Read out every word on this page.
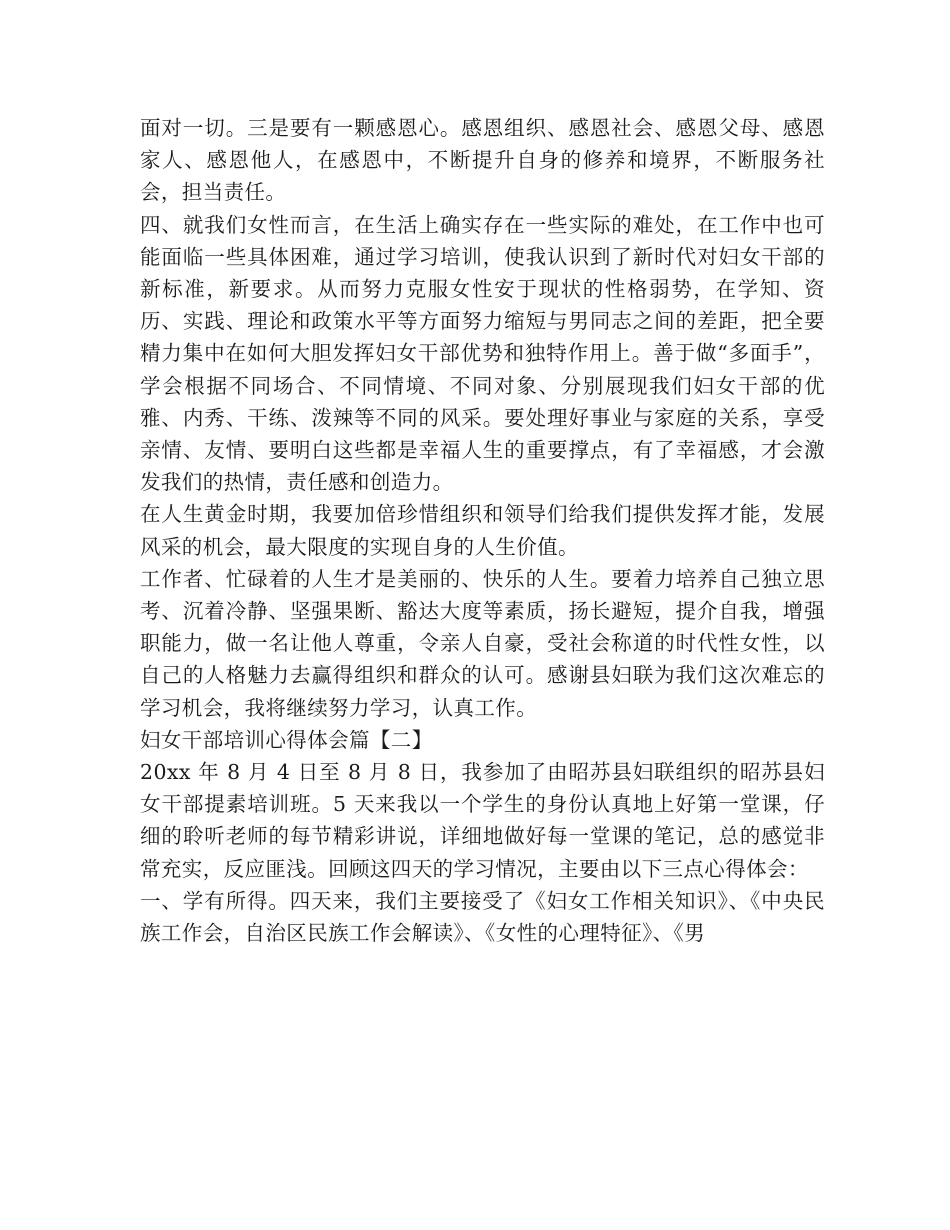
面对一切。三是要有一颗感恩心。感恩组织、感恩社会、感恩父母、感恩家人、感恩他人，在感恩中，不断提升自身的修养和境界，不断服务社会，担当责任。

四、就我们女性而言，在生活上确实存在一些实际的难处，在工作中也可能面临一些具体困难，通过学习培训，使我认识到了新时代对妇女干部的新标准，新要求。从而努力克服女性安于现状的性格弱势，在学知、资历、实践、理论和政策水平等方面努力缩短与男同志之间的差距，把全要精力集中在如何大胆发挥妇女干部优势和独特作用上。善于做“多面手”，学会根据不同场合、不同情境、不同对象、分别展现我们妇女干部的优雅、内秀、干练、泼辣等不同的风采。要处理好事业与家庭的关系，享受亲情、友情、要明白这些都是幸福人生的重要撑点，有了幸福感，才会激发我们的热情，责任感和创造力。

在人生黄金时期，我要加倍珍惜组织和领导们给我们提供发挥才能，发展风采的机会，最大限度的实现自身的人生价值。

工作者、忙碌着的人生才是美丽的、快乐的人生。要着力培养自己独立思考、沉着冷静、坚强果断、豁达大度等素质，扬长避短，提介自我，增强职能力，做一名让他人尊重，令亲人自豪，受社会称道的时代性女性，以自己的人格魅力去赢得组织和群众的认可。感谢县妇联为我们这次难忘的学习机会，我将继续努力学习，认真工作。

妇女干部培训心得体会篇【二】

20xx 年 8 月 4 日至 8 月 8 日，我参加了由昭苏县妇联组织的昭苏县妇女干部提素培训班。5 天来我以一个学生的身份认真地上好第一堂课，仔细的聆听老师的每节精彩讲说，详细地做好每一堂课的笔记，总的感觉非常充实，反应匪浅。回顾这四天的学习情况，主要由以下三点心得体会：

一、学有所得。四天来，我们主要接受了《妇女工作相关知识》、《中央民族工作会，自治区民族工作会解读》、《女性的心理特征》、《男
